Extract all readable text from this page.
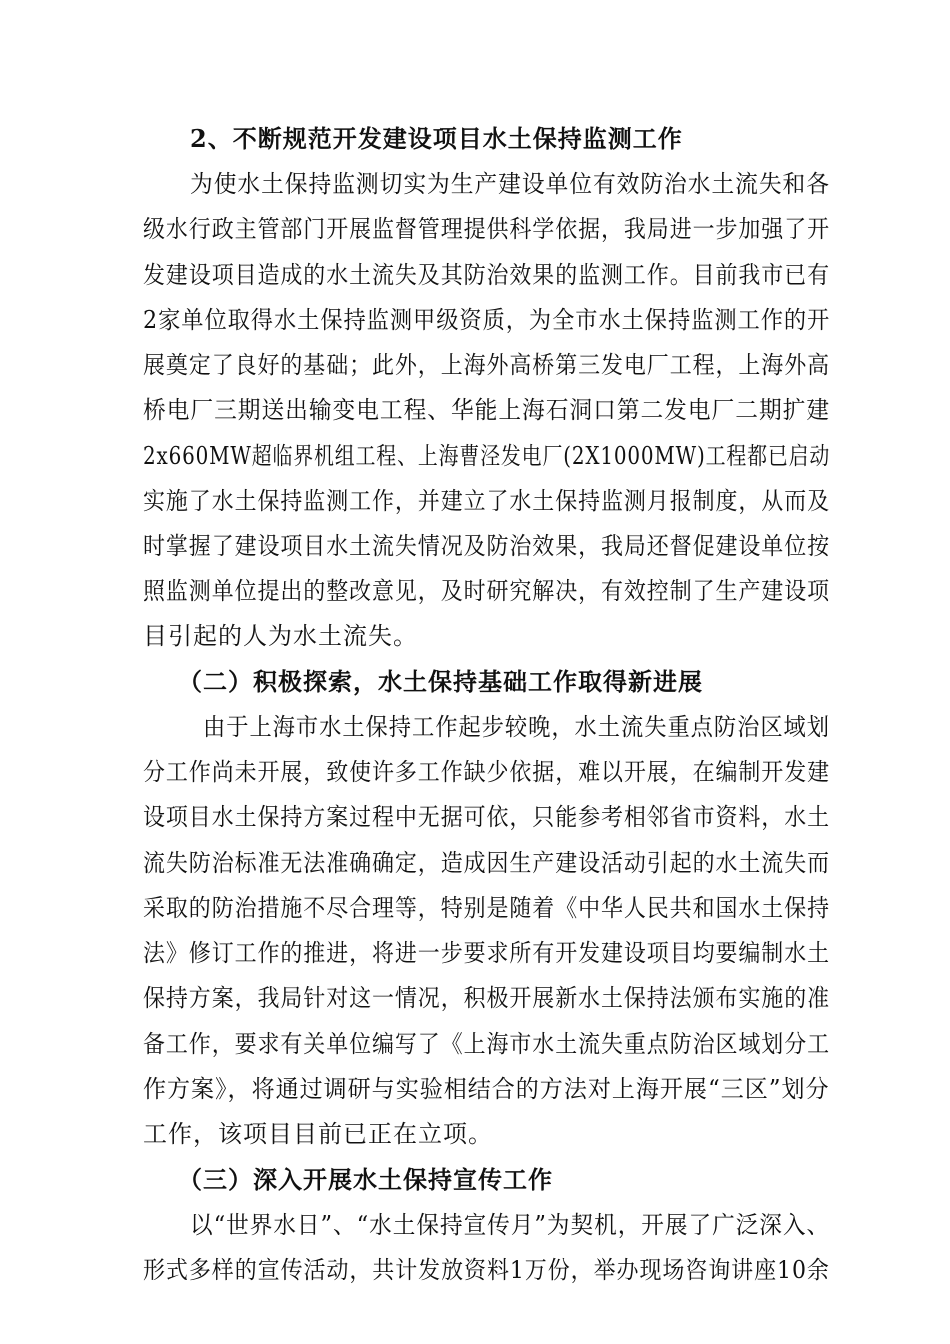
2、不断规范开发建设项目水土保持监测工作
为使水土保持监测切实为生产建设单位有效防治水土流失和各
级水行政主管部门开展监督管理提供科学依据，我局进一步加强了开
发建设项目造成的水土流失及其防治效果的监测工作。目前我市已有
2家单位取得水土保持监测甲级资质，为全市水土保持监测工作的开
展奠定了良好的基础；此外，上海外高桥第三发电厂工程，上海外高
桥电厂三期送出输变电工程、华能上海石洞口第二发电厂二期扩建
2x660MW超临界机组工程、上海曹泾发电厂(2X1000MW)工程都已启动
实施了水土保持监测工作，并建立了水土保持监测月报制度，从而及
时掌握了建设项目水土流失情况及防治效果，我局还督促建设单位按
照监测单位提出的整改意见，及时研究解决，有效控制了生产建设项
目引起的人为水土流失。
（二）积极探索，水土保持基础工作取得新进展
由于上海市水土保持工作起步较晚，水土流失重点防治区域划
分工作尚未开展，致使许多工作缺少依据，难以开展，在编制开发建
设项目水土保持方案过程中无据可依，只能参考相邻省市资料，水土
流失防治标准无法准确确定，造成因生产建设活动引起的水土流失而
采取的防治措施不尽合理等，特别是随着《中华人民共和国水土保持
法》修订工作的推进，将进一步要求所有开发建设项目均要编制水土
保持方案，我局针对这一情况，积极开展新水土保持法颁布实施的准
备工作，要求有关单位编写了《上海市水土流失重点防治区域划分工
作方案》，将通过调研与实验相结合的方法对上海开展“三区”划分
工作，该项目目前已正在立项。
（三）深入开展水土保持宣传工作
以“世界水日”、“水土保持宣传月”为契机，开展了广泛深入、
形式多样的宣传活动，共计发放资料1万份，举办现场咨询讲座10余
